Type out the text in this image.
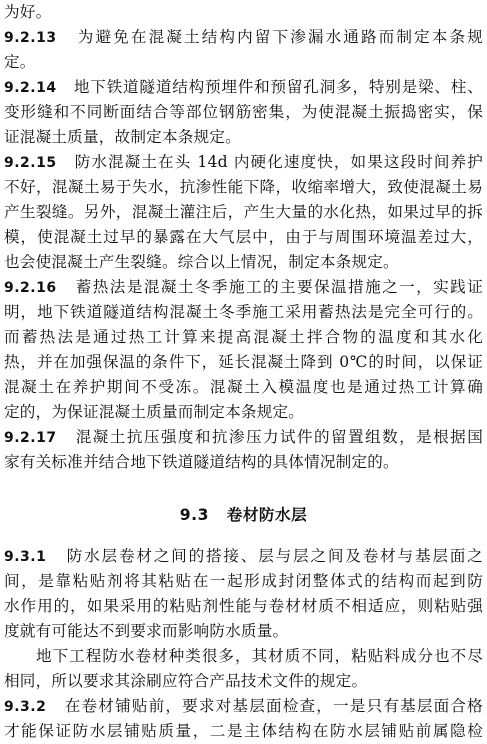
为好。
9.2.13 为避免在混凝土结构内留下渗漏水通路而制定本条规
定。
9.2.14 地下铁道隧道结构预埋件和预留孔洞多，特别是梁、柱、
变形缝和不同断面结合等部位钢筋密集，为使混凝土振捣密实，保
证混凝土质量，故制定本条规定。
9.2.15 防水混凝土在头 14d 内硬化速度快，如果这段时间养护
不好，混凝土易于失水，抗渗性能下降，收缩率增大，致使混凝土易
产生裂缝。另外，混凝土灌注后，产生大量的水化热，如果过早的拆
模，使混凝土过早的暴露在大气层中，由于与周围环境温差过大，
也会使混凝土产生裂缝。综合以上情况，制定本条规定。
9.2.16 蓄热法是混凝土冬季施工的主要保温措施之一，实践证
明，地下铁道隧道结构混凝土冬季施工采用蓄热法是完全可行的。
而蓄热法是通过热工计算来提高混凝土拌合物的温度和其水化
热，并在加强保温的条件下，延长混凝土降到 0℃的时间，以保证
混凝土在养护期间不受冻。混凝土入模温度也是通过热工计算确
定的，为保证混凝土质量而制定本条规定。
9.2.17 混凝土抗压强度和抗渗压力试件的留置组数，是根据国
家有关标准并结合地下铁道隧道结构的具体情况制定的。
9.3 卷材防水层
9.3.1 防水层卷材之间的搭接、层与层之间及卷材与基层面之
间，是靠粘贴剂将其粘贴在一起形成封闭整体式的结构而起到防
水作用的，如果采用的粘贴剂性能与卷材材质不相适应，则粘贴强
度就有可能达不到要求而影响防水质量。
地下工程防水卷材种类很多，其材质不同，粘贴料成分也不尽
相同，所以要求其涂刷应符合产品技术文件的规定。
9.3.2 在卷材铺贴前，要求对基层面检查，一是只有基层面合格
才能保证防水层铺贴质量，二是主体结构在防水层铺贴前属隐检
